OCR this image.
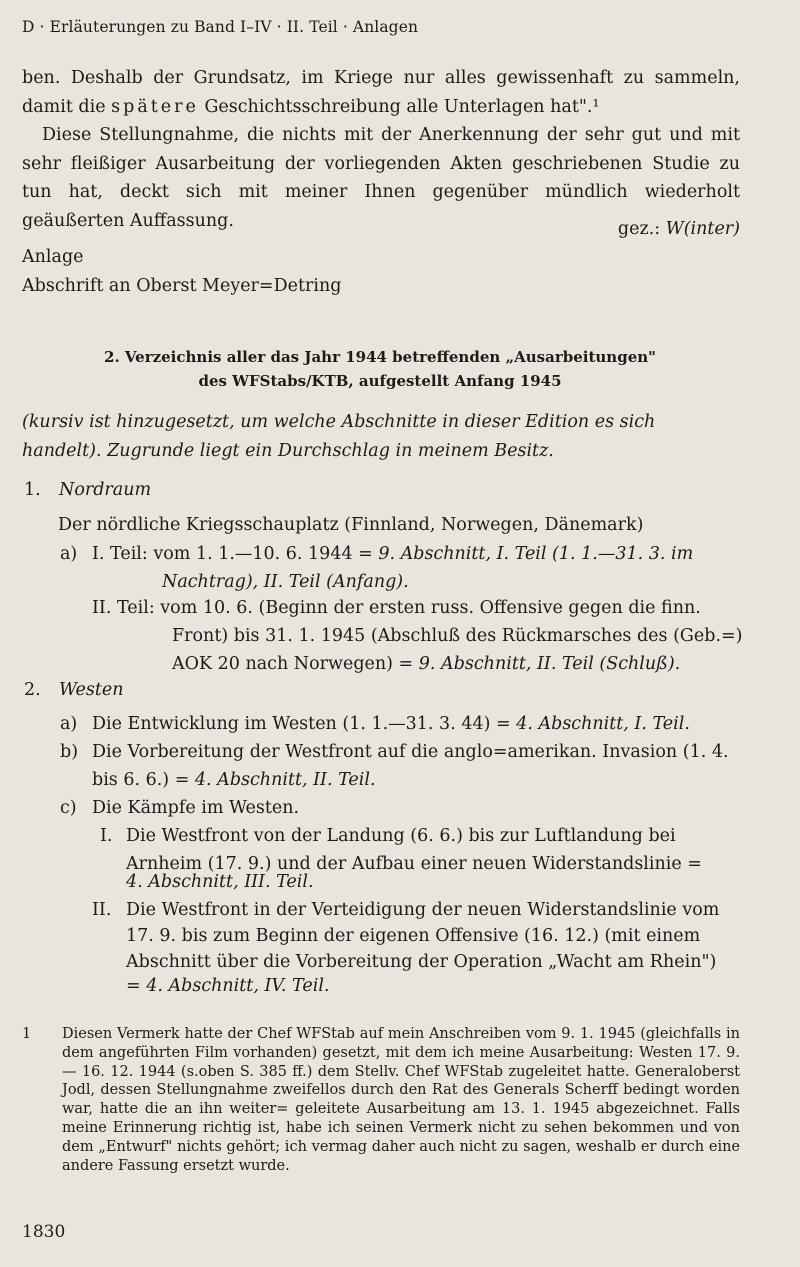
D · Erläuterungen zu Band I–IV · II. Teil · Anlagen
ben. Deshalb der Grundsatz, im Kriege nur alles gewissenhaft zu sammeln, damit die spätere Geschichtsschreibung alle Unterlagen hat".¹
Diese Stellungnahme, die nichts mit der Anerkennung der sehr gut und mit sehr fleißiger Ausarbeitung der vorliegenden Akten geschriebenen Studie zu tun hat, deckt sich mit meiner Ihnen gegenüber mündlich wiederholt geäußerten Auffassung.	gez.: W(inter)
Anlage
Abschrift an Oberst Meyer=Detring
2. Verzeichnis aller das Jahr 1944 betreffenden „Ausarbeitungen"
des WFStabs/KTB, aufgestellt Anfang 1945
(kursiv ist hinzugesetzt, um welche Abschnitte in dieser Edition es sich handelt). Zugrunde liegt ein Durchschlag in meinem Besitz.
1. Nordraum
Der nördliche Kriegsschauplatz (Finnland, Norwegen, Dänemark)
a) I. Teil: vom 1. 1.—10. 6. 1944 = 9. Abschnitt, I. Teil (1. 1.—31. 3. im
Nachtrag), II. Teil (Anfang).
II. Teil: vom 10. 6. (Beginn der ersten russ. Offensive gegen die finn.
Front) bis 31. 1. 1945 (Abschluß des Rückmarsches des (Geb.=)
AOK 20 nach Norwegen) = 9. Abschnitt, II. Teil (Schluß).
2. Westen
a) Die Entwicklung im Westen (1. 1.—31. 3. 44) = 4. Abschnitt, I. Teil.
b) Die Vorbereitung der Westfront auf die anglo=amerikan. Invasion (1. 4.
bis 6. 6.) = 4. Abschnitt, II. Teil.
c) Die Kämpfe im Westen.
I. Die Westfront von der Landung (6. 6.) bis zur Luftlandung bei
Arnheim (17. 9.) und der Aufbau einer neuen Widerstandslinie =
4. Abschnitt, III. Teil.
II. Die Westfront in der Verteidigung der neuen Widerstandslinie vom
17. 9. bis zum Beginn der eigenen Offensive (16. 12.) (mit einem
Abschnitt über die Vorbereitung der Operation „Wacht am Rhein")
= 4. Abschnitt, IV. Teil.
1 Diesen Vermerk hatte der Chef WFStab auf mein Anschreiben vom 9. 1. 1945 (gleichfalls in dem angeführten Film vorhanden) gesetzt, mit dem ich meine Ausarbeitung: Westen 17. 9. — 16. 12. 1944 (s.oben S. 385 ff.) dem Stellv. Chef WFStab zugeleitet hatte. Generaloberst Jodl, dessen Stellungnahme zweifellos durch den Rat des Generals Scherff bedingt worden war, hatte die an ihn weiter= geleitete Ausarbeitung am 13. 1. 1945 abgezeichnet. Falls meine Erinnerung richtig ist, habe ich seinen Vermerk nicht zu sehen bekommen und von dem „Entwurf" nichts gehört; ich vermag daher auch nicht zu sagen, weshalb er durch eine andere Fassung ersetzt wurde.
1830
